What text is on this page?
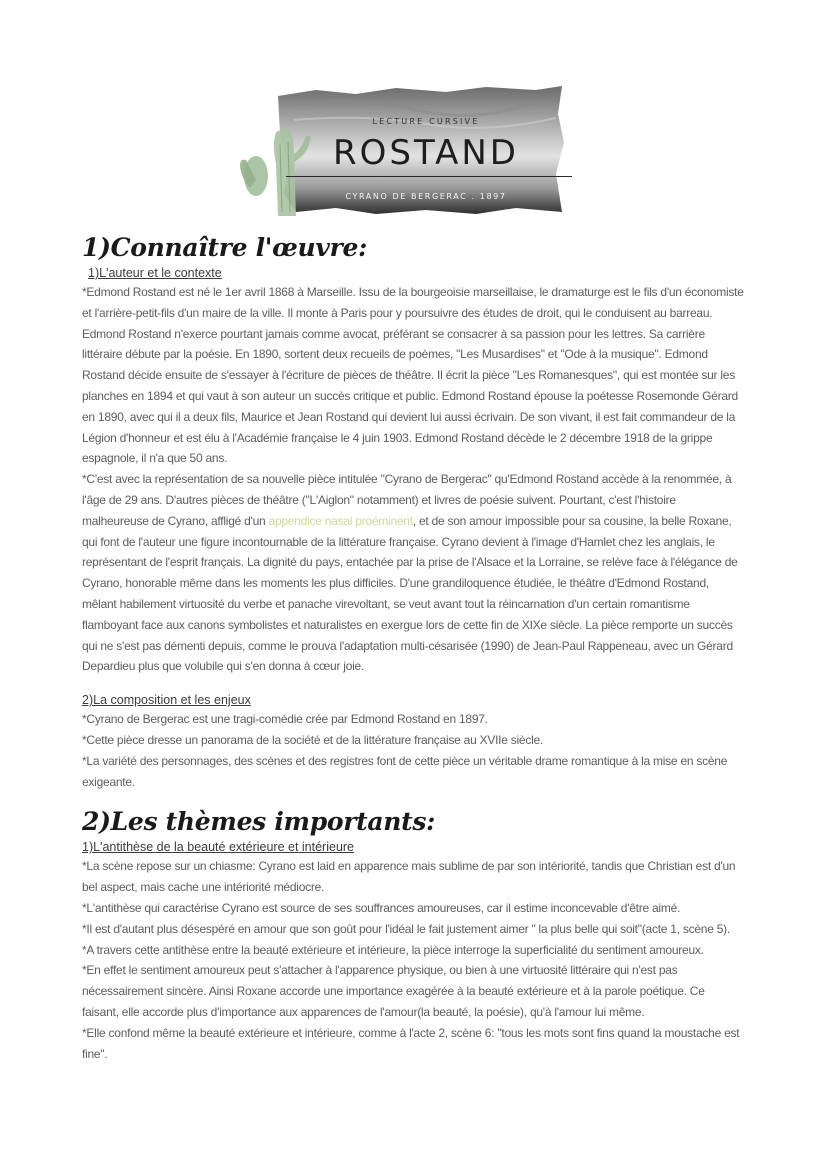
LECTURE CURSIVE
ROSTAND
CYRANO DE BERGERAC . 1897
1)Connaître l'œuvre:
1)L'auteur et le contexte

*Edmond Rostand est né le 1er avril 1868 à Marseille. Issu de la bourgeoisie marseillaise, le dramaturge est le fils d'un économiste et l'arrière-petit-fils d'un maire de la ville. Il monte à Paris pour y poursuivre des études de droit, qui le conduisent au barreau. Edmond Rostand n'exerce pourtant jamais comme avocat, préférant se consacrer à sa passion pour les lettres. Sa carrière littéraire débute par la poésie. En 1890, sortent deux recueils de poèmes, "Les Musardises" et "Ode à la musique". Edmond Rostand décide ensuite de s'essayer à l'écriture de pièces de théâtre. Il écrit la pièce "Les Romanesques", qui est montée sur les planches en 1894 et qui vaut à son auteur un succès critique et public. Edmond Rostand épouse la poétesse Rosemonde Gérard en 1890, avec qui il a deux fils, Maurice et Jean Rostand qui devient lui aussi écrivain. De son vivant, il est fait commandeur de la Légion d'honneur et est élu à l'Académie française le 4 juin 1903. Edmond Rostand décède le 2 décembre 1918 de la grippe espagnole, il n'a que 50 ans.

*C'est avec la représentation de sa nouvelle pièce intitulée "Cyrano de Bergerac" qu'Edmond Rostand accède à la renommée, à l'âge de 29 ans. D'autres pièces de théâtre ("L'Aiglon" notamment) et livres de poésie suivent. Pourtant, c'est l'histoire malheureuse de Cyrano, affligé d'un appendice nasal proéminent, et de son amour impossible pour sa cousine, la belle Roxane, qui font de l'auteur une figure incontournable de la littérature française. Cyrano devient à l'image d'Hamlet chez les anglais, le représentant de l'esprit français. La dignité du pays, entachée par la prise de l'Alsace et la Lorraine, se relève face à l'élégance de Cyrano, honorable même dans les moments les plus difficiles. D'une grandiloquence étudiée, le théâtre d'Edmond Rostand, mêlant habilement virtuosité du verbe et panache virevoltant, se veut avant tout la réincarnation d'un certain romantisme flamboyant face aux canons symbolistes et naturalistes en exergue lors de cette fin de XIXe siècle. La pièce remporte un succès qui ne s'est pas démenti depuis, comme le prouva l'adaptation multi-césarisée (1990) de Jean-Paul Rappeneau, avec un Gérard Depardieu plus que volubile qui s'en donna à cœur joie.

2)La composition et les enjeux

*Cyrano de Bergerac est une tragi-comédie crée par Edmond Rostand en 1897.

*Cette pièce dresse un panorama de la société et de la littérature française au XVIIe siècle.

*La variété des personnages, des scènes et des registres font de cette pièce un véritable drame romantique à la mise en scène exigeante.

2)Les thèmes importants:
1)L'antithèse de la beauté extérieure et intérieure

*La scène repose sur un chiasme: Cyrano est laid en apparence mais sublime de par son intériorité, tandis que Christian est d'un bel aspect, mais cache une intériorité médiocre.

*L'antithèse qui caractérise Cyrano est source de ses souffrances amoureuses, car il estime inconcevable d'être aimé.

*Il est d'autant plus désespéré en amour que son goût pour l'idéal le fait justement aimer " la plus belle qui soit"(acte 1, scène 5).

*A travers cette antithèse entre la beauté extérieure et intérieure, la pièce interroge la superficialité du sentiment amoureux.

*En effet le sentiment amoureux peut s'attacher à l'apparence physique, ou bien à une virtuosité littéraire qui n'est pas nécessairement sincère. Ainsi Roxane accorde une importance exagérée à la beauté extérieure et à la parole poétique. Ce faisant, elle accorde plus d'importance aux apparences de l'amour(la beauté, la poésie), qu'à l'amour lui même.

*Elle confond même la beauté extérieure et intérieure, comme à l'acte 2, scène 6: "tous les mots sont fins quand la moustache est fine".
